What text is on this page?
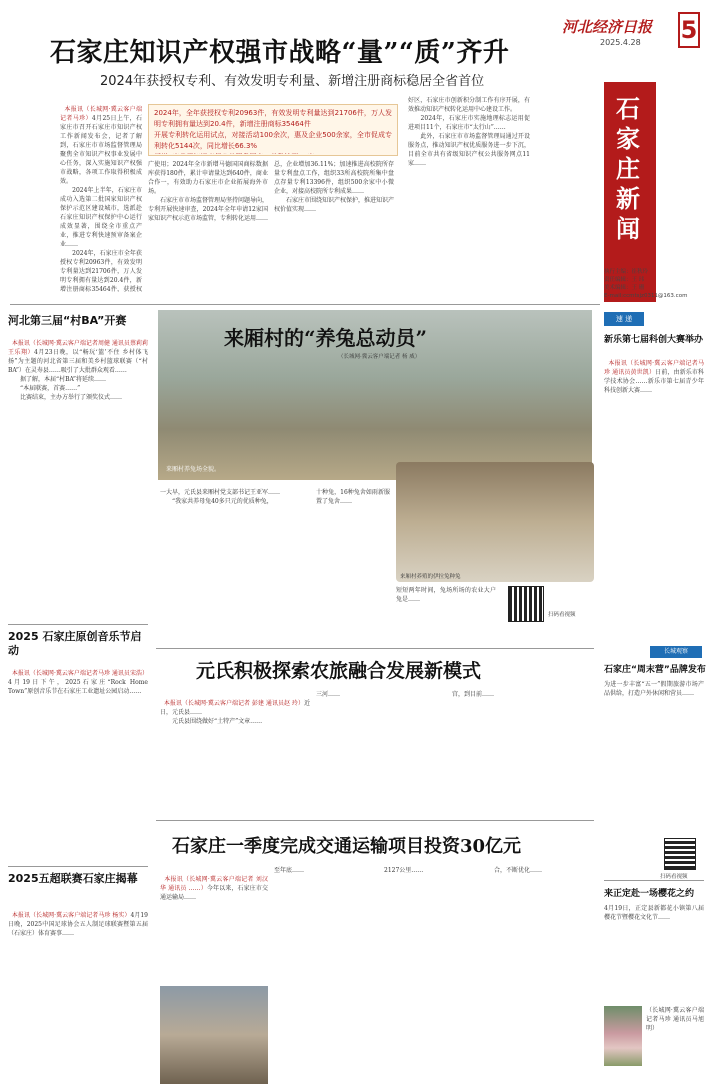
河北经济日报
2025.4.28 5
石家庄知识产权强市战略“量”“质”齐升
2024年获授权专利、有效发明专利量、新增注册商标稳居全省首位

本报讯（长城网·冀云客户端记者马珍）4月25日上午，石家庄市召开石家庄市知识产权工作新闻发布会，记者了解到，石家庄市市场监督管理局聚焦全市知识产权事业发展中心任务，深入实施知识产权强市战略，各项工作取得积极成效。
　　2024年上半年，石家庄市成功入选第二批国家知识产权保护示范区建设城市，选派赴石家庄知识产权保护中心运行成效显著，围绕全市重点产业，推进专利快速预审备案企业……
　　2024年，石家庄市全年获授权专利20963件，有效发明专利量达到21706件，万人发明专利拥有量达到20.4件，新增注册商标35464件，获授权

2024年，全年获授权专利20963件，有效发明专利量达到21706件，万人发明专利拥有量达到20.4件，新增注册商标35464件
开展专利转化运用试点，对接活动100余次，惠及企业500余家，全市促成专利转化5144次，同比增长66.3%

广使用；2024年全市新增马德国国商标数据库获得180件，累计申请量达到640件，商业合作一，有效助力石家庄市企业拓展海外市场。
　　石家庄市市场监督管理局坚持问题导向，专利开展快速审查，2024年全年申请12家国家知识产权示范市场监管，专利转化运用……
总，企业增加36.11%；加速推进高校院所存量专利盘点工作，组织33所高校院所集中盘点存量专利13396件，组织500余家中小微企业，对接高校院所专利成果……
　　石家庄市围绕知识产权保护，推进知识产权价值实现……
好区，石家庄市创新积分制工作有序开展，有效推动知识产权转化运用中心建设工作。
　　2024年，石家庄市实施地理标志运用促进项目11个，石家庄市“太行山”……
　　此外，石家庄市市场监督管理局通过开设服务点，推动知识产权优质服务进一步下沉，目前全市共有省级知识产权公共服务网点11家……
石家庄新闻
执行主编：崔秋玲
责任编辑：王 玮
美术编辑：王 珊
E-mail:ccmtsjz0311@163.com
河北第三届“村BA”开赛

本报讯（长城网·冀云客户端记者周健 通讯员蔡莉莉 王乐翔）4月23日晚，以“畅玩‘篮’不住 乡村体飞扬”为主题的河北省第三届和美乡村篮球联赛（“村BA”）在灵寿县……吸引了大批群众观看……
　　据了解，本届“村BA”将延续……
　　“本届联赛，首赛……”
　　比赛结束，主办方举行了颁奖仪式……

2025 石家庄原创音乐节启动

本报讯（长城网·冀云客户端记者马珍 通讯员宋浩）4月19日下午，2025石家庄“Rock Home Town”原创音乐节在石家庄工业遗址公园启动……

2025五超联赛石家庄揭幕

本报讯（长城网·冀云客户端记者马珍 杨实）4月19日晚，2025中国足球协会五人制足球联赛暨第五届（石家庄）体育赛事……

来厢村的“养兔总动员”
（长城网·冀云客户端记者 杨 威）
来厢村养兔场全貌。
一大早，元氏县来厢村党支部书记王亚军……
　　“我家共养母兔40多只元的优质种兔，
十种兔，16种兔舍如雨新服置了兔舍……
来厢村养殖的伊拉兔种兔
短短两年时间，兔场所场的农业大户兔是……
扫码看视频
元氏积极探索农旅融合发展新模式

本报讯（长城网·冀云客户端记者 彭建 通讯员赵 玲）近日，元氏县……
　　元氏县围绕做好“土特产”文章……

三河……	宫，到目前……
石家庄一季度完成交通运输项目投资30亿元

本报讯（长城网·冀云客户端记者 刘汉华 通讯员 ……）今年以来，石家庄市交通运输局……

至年底……	2127公里……	合，不断优化……
速 递
新乐第七届科创大赛举办

本报讯（长城网·冀云客户端记者马珍 通讯员黄世凯）日前，由新乐市科学技术协会……新乐市第七届青少年科技创新大赛……

长城观察
石家庄“周末营”品牌发布
为进一步丰富“五一”假期旅游市场产品供给，打造户外休闲和营员……
扫码看视频
来正定赴一场樱花之约
4月19日，正定县新都花小镇第八届樱花节暨樱花文化节……
（长城网·冀云客户端记者马珍 通讯员马旭明）
